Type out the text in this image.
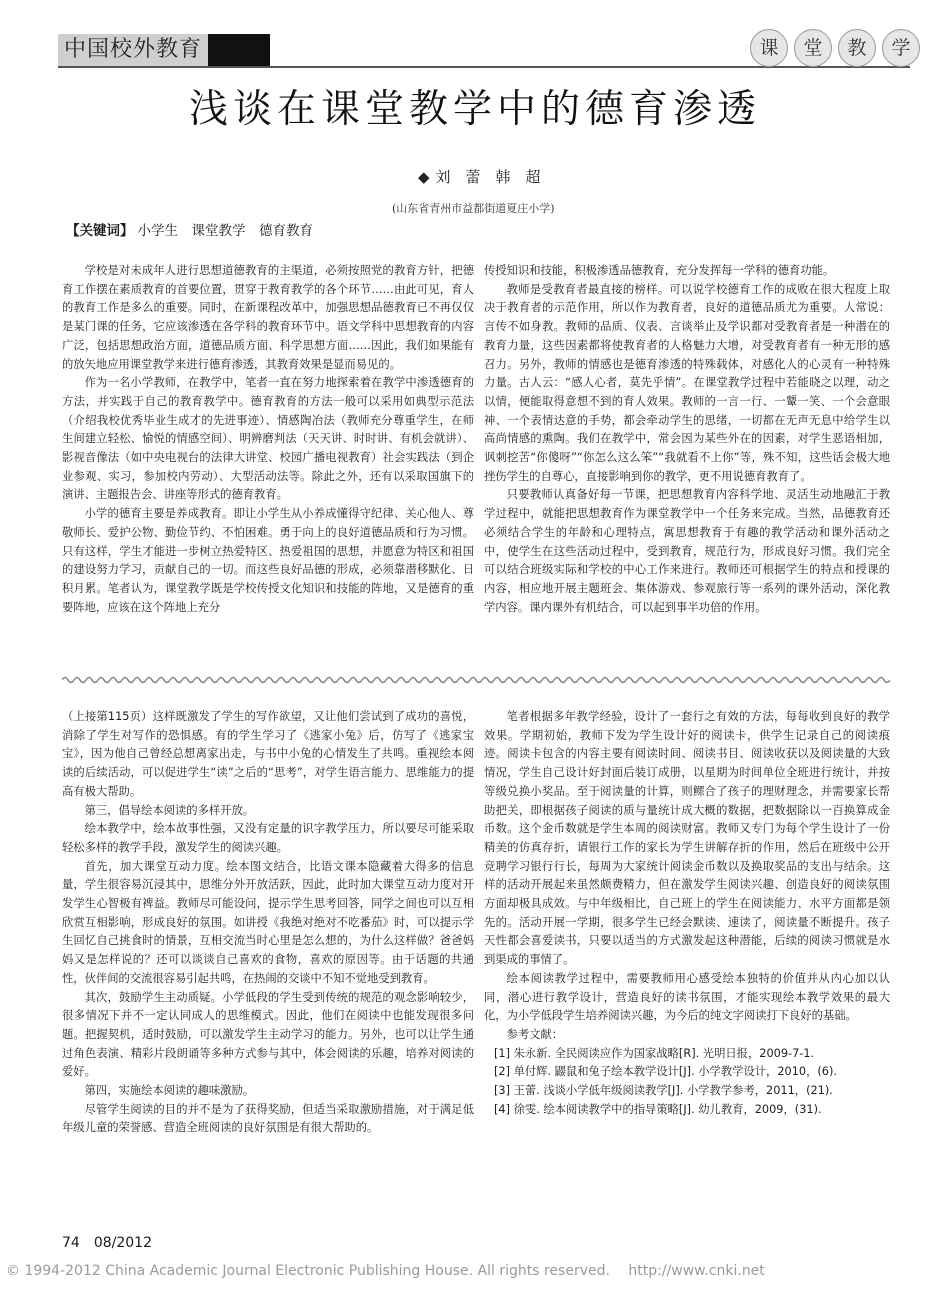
中国校外教育	课	堂	教	学
浅谈在课堂教学中的德育渗透
◆ 刘　蕾　韩　超
(山东省青州市益都街道夏庄小学)
【关键词】 小学生　课堂教学　德育教育

学校是对未成年人进行思想道德教育的主渠道，必须按照党的教育方针，把德育工作摆在素质教育的首要位置，贯穿于教育教学的各个环节……由此可见，育人的教育工作是多么的重要。同时，在新课程改革中，加强思想品德教育已不再仅仅是某门课的任务，它应该渗透在各学科的教育环节中。语文学科中思想教育的内容广泛，包括思想政治方面，道德品质方面、科学思想方面……因此，我们如果能有的放矢地应用课堂教学来进行德育渗透，其教育效果是显而易见的。

作为一名小学教师，在教学中，笔者一直在努力地探索着在教学中渗透德育的方法，并实践于自己的教育教学中。德育教育的方法一般可以采用如典型示范法（介绍我校优秀毕业生成才的先进事迹）、情感陶冶法（教师充分尊重学生，在师生间建立轻松、愉悦的情感空间）、明辨磨判法（天天讲、时时讲、有机会就讲）、影视音像法（如中央电视台的法律大讲堂、校园广播电视教育）社会实践法（到企业参观、实习，参加校内劳动）、大型活动法等。除此之外，还有以采取国旗下的演讲、主题报告会、讲座等形式的德育教育。

小学的德育主要是养成教育。即让小学生从小养成懂得守纪律、关心他人、尊敬师长、爱护公物、勤俭节约、不怕困难。勇于向上的良好道德品质和行为习惯。只有这样，学生才能进一步树立热爱特区、热爱祖国的思想，并愿意为特区和祖国的建设努力学习，贡献自己的一切。而这些良好品德的形成，必须靠潜移默化、日积月累。笔者认为，课堂教学既是学校传授文化知识和技能的阵地，又是德育的重要阵地，应该在这个阵地上充分

传授知识和技能，积极渗透品德教育，充分发挥每一学科的德育功能。

教师是受教育者最直接的榜样。可以说学校德育工作的成败在很大程度上取决于教育者的示范作用，所以作为教育者，良好的道德品质尤为重要。人常说：言传不如身教。教师的品质、仪表、言谈举止及学识都对受教育者是一种潜在的教育力量，这些因素都将使教育者的人格魅力大增，对受教育者有一种无形的感召力。另外，教师的情感也是德育渗透的特殊载体，对感化人的心灵有一种特殊力量。古人云：“感人心者，莫先乎情”。在课堂教学过程中若能晓之以理，动之以情，便能取得意想不到的育人效果。教师的一言一行、一颦一笑、一个会意眼神、一个表情达意的手势，都会牵动学生的思绪，一切都在无声无息中给学生以高尚情感的熏陶。我们在教学中，常会因为某些外在的因素，对学生恶语相加，讽刺挖苦“你傻呀”“你怎么这么笨”“我就看不上你”等，殊不知，这些话会极大地挫伤学生的自尊心，直接影响到你的教学，更不用说德育教育了。

只要教师认真备好每一节课，把思想教育内容科学地、灵活生动地融汇于教学过程中，就能把思想教育作为课堂教学中一个任务来完成。当然，品德教育还必须结合学生的年龄和心理特点，寓思想教育于有趣的教学活动和课外活动之中，使学生在这些活动过程中，受到教育，规范行为，形成良好习惯。我们完全可以结合班级实际和学校的中心工作来进行。教师还可根据学生的特点和授课的内容，相应地开展主题班会、集体游戏、参观旅行等一系列的课外活动，深化教学内容。课内课外有机结合，可以起到事半功倍的作用。

（上接第115页）这样既激发了学生的写作欲望，又让他们尝试到了成功的喜悦，消除了学生对写作的恐惧感。有的学生学习了《逃家小兔》后，仿写了《逃家宝宝》，因为他自己曾经总想离家出走，与书中小兔的心情发生了共鸣。重视绘本阅读的后续活动，可以促进学生“读”之后的“思考”，对学生语言能力、思维能力的提高有极大帮助。

第三，倡导绘本阅读的多样开放。

绘本教学中，绘本故事性强，又没有定量的识字教学压力，所以要尽可能采取轻松多样的教学手段，激发学生的阅读兴趣。

首先，加大课堂互动力度。绘本图文结合，比语文课本隐藏着大得多的信息量，学生很容易沉浸其中，思维分外开放活跃，因此，此时加大课堂互动力度对开发学生心智极有裨益。教师尽可能设问，提示学生思考回答，同学之间也可以互相欣赏互相影响，形成良好的氛围。如讲授《我绝对绝对不吃番茄》时，可以提示学生回忆自己挑食时的情景，互相交流当时心里是怎么想的，为什么这样做？爸爸妈妈又是怎样说的？还可以谈谈自己喜欢的食物，喜欢的原因等。由于话题的共通性，伙伴间的交流很容易引起共鸣，在热闹的交谈中不知不觉地受到教育。

其次，鼓励学生主动质疑。小学低段的学生受到传统的规范的观念影响较少，很多情况下并不一定认同成人的思维模式。因此，他们在阅读中也能发现很多问题。把握契机，适时鼓励，可以激发学生主动学习的能力。另外，也可以让学生通过角色表演、精彩片段朗诵等多种方式参与其中，体会阅读的乐趣，培养对阅读的爱好。

第四，实施绘本阅读的趣味激励。

尽管学生阅读的目的并不是为了获得奖励，但适当采取激励措施，对于满足低年级儿童的荣誉感、营造全班阅读的良好氛围是有很大帮助的。

笔者根据多年教学经验，设计了一套行之有效的方法，每每收到良好的教学效果。学期初始，教师下发为学生设计好的阅读卡，供学生记录自己的阅读痕迹。阅读卡包含的内容主要有阅读时间、阅读书目、阅读收获以及阅读量的大致情况，学生自己设计好封面后装订成册，以星期为时间单位全班进行统计，并按等级兑换小奖品。至于阅读量的计算，则鳏合了孩子的理财理念，并需要家长帮助把关，即根据孩子阅读的质与量统计成大概的数据，把数据除以一百换算成金币数。这个金币数就是学生本周的阅读财富。教师又专门为每个学生设计了一份精美的仿真存折，请银行工作的家长为学生讲解存折的作用，然后在班级中公开竞聘学习银行行长，每周为大家统计阅读金币数以及换取奖品的支出与结余。这样的活动开展起来虽然颇费精力，但在激发学生阅读兴趣、创造良好的阅读氛围方面却极具成效。与中年级相比，自己班上的学生在阅读能力、水平方面都是领先的。活动开展一学期，很多学生已经会默读、速读了，阅读量不断提升。孩子天性都会喜爱读书，只要以适当的方式激发起这种潜能，后续的阅读习惯就是水到渠成的事情了。

绘本阅读教学过程中，需要教师用心感受绘本独特的价值并从内心加以认同，潜心进行教学设计，营造良好的读书氛围，才能实现绘本教学效果的最大化，为小学低段学生培养阅读兴趣，为今后的纯文字阅读打下良好的基础。

参考文献：

[1] 朱永新. 全民阅读应作为国家战略[R]. 光明日报，2009-7-1.

[2] 单付辉. 鼹鼠和兔子绘本教学设计[J]. 小学教学设计，2010，(6).

[3] 王蕾. 浅谈小学低年级阅读教学[J]. 小学教学参考，2011，(21).

[4] 徐雯. 绘本阅读教学中的指导策略[J]. 幼儿教育，2009，(31).

74　08/2012
© 1994-2012 China Academic Journal Electronic Publishing House. All rights reserved.　 http://www.cnki.net
